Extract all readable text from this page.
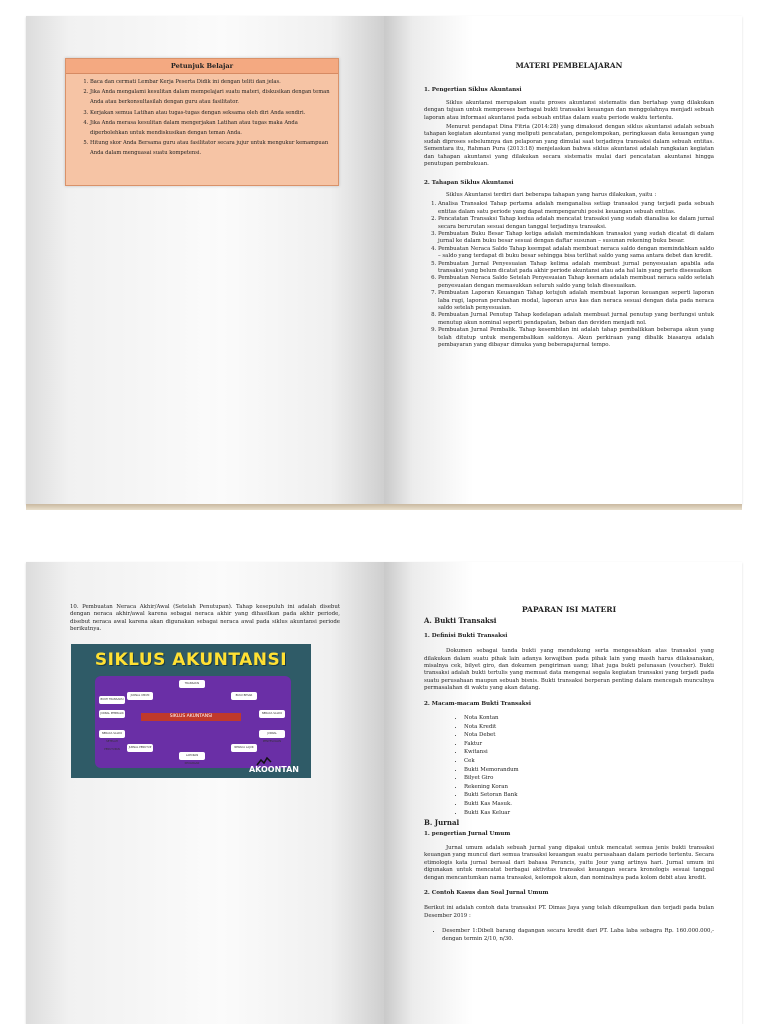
Petunjuk Belajar
1. Baca dan cermati Lembar Kerja Peserta Didik ini dengan teliti dan jelas.
2. Jika Anda mengalami kesulitan dalam mempelajari suatu materi, diskusikan dengan teman Anda atau berkonsultasilah dengan guru atau fasilitator.
3. Kerjakan semua Latihan atau tugas-tugas dengan seksama oleh diri Anda sendiri.
4. Jika Anda merasa kesulitan dalam mengerjakan Latihan atau tugas maka Anda diperbolehkan untuk mendiskusikan dengan teman Anda.
5. Hitung skor Anda Bersama guru atau fasilitator secara jujur untuk mengukur kemampuan Anda dalam menguasai suatu kompetensi.
MATERI PEMBELAJARAN

1. Pengertian Siklus Akuntansi

Siklus akuntansi merupakan suatu proses akuntansi sistematis dan bertahap yang dilakukan dengan tujuan untuk memproses berbagai bukti transaksi keuangan dan menggolahnya menjadi sebuah laporan atau informasi akuntansi pada sebuah entitas dalam suatu periode waktu tertentu.

Menurut pendapat Dina Fitria (2014:28) yang dimaksud dengan siklus akuntansi adalah sebuah tahapan kegiatan akuntansi yang meliputi pencatatan, pengelompokan, peringkasan data keuangan yang sudah diproses sebelumnya dan pelaporan yang dimulai saat terjadinya transaksi dalam sebuah entitas. Sementara itu, Rahman Pura (2013:18) menjelaskan bahwa siklus akuntansi adalah rangkaian kegiatan dan tahapan akuntansi yang dilakukan secara sistematis mulai dari pencatatan akuntansi hingga penutupan pembukuan.

2. Tahapan Siklus Akuntansi

Siklus Akuntansi terdiri dari beberapa tahapan yang harus dilakukan, yaitu :

1. Analisa Transaksi Tahap pertama adalah menganalisa setiap transaksi yang terjadi pada sebuah entitas dalam satu periode yang dapat mempengaruhi posisi keuangan sebuah entitas.
2. Pencatatan Transaksi Tahap kedua adalah mencatat transaksi yang sudah dianalisa ke dalam jurnal secara berurutan sesuai dengan tanggal terjadinya transaksi.
3. Pembuatan Buku Besar Tahap ketiga adalah memindahkan transaksi yang sudah dicatat di dalam jurnal ke dalam buku besar sesuai dengan daftar susunan – susunan rekening buku besar.
4. Pembuatan Neraca Saldo Tahap keempat adalah membuat neraca saldo dengan memindahkan saldo – saldo yang terdapat di buku besar sehingga bisa terlihat saldo yang sama antara debet dan kredit.
5. Pembuatan Jurnal Penyesuaian Tahap kelima adalah membuat jurnal penyesuaian apabila ada transaksi yang belum dicatat pada akhir periode akuntansi atau ada hal lain yang perlu disesuaikan
6. Pembuatan Neraca Saldo Setelah Penyesuaian Tahap keenam adalah membuat neraca saldo setelah penyesuaian dengan memasukkan seluruh saldo yang telah disesuaikan.
7. Pembuatan Laporan Keuangan Tahap ketujuh adalah membuat laporan keuangan seperti laporan laba rugi, laporan perubahan modal, laporan arus kas dan neraca sesuai dengan data pada neraca saldo setelah penyesuaian.
8. Pembuatan Jurnal Penutup Tahap kedelapan adalah membuat jurnal penutup yang berfungsi untuk menutup akun nominal seperti pendapatan, beban dan deviden menjadi nol.
9. Pembuatan Jurnal Pembalik. Tahap kesembilan ini adalah tahap pembalikkan beberapa akun yang telah ditutup untuk mengembalikan saldonya. Akun perkiraan yang dibalik biasanya adalah pembayaran yang dibayar dimuka yang beberapajurnal tempo.
10. Pembuatan Neraca Akhir/Awal (Setelah Penutupan). Tahap kesepuluh ini adalah disebut dengan neraca akhir/awal karena sebagai neraca akhir yang dihasilkan pada akhir periode, disebut neraca awal karena akan digunakan sebagai neraca awal pada siklus akuntansi periode berikutnya.
SIKLUS AKUNTANSI
TRANSAKSI
JURNAL UMUM	BUKU BESAR
NERACA SALDO
JURNAL PENYESUAIAN
NERACA LAJUR
LAPORAN KEUANGAN
JURNAL PENUTUP
NERACA SALDO SETELAH PENUTUPAN
JURNAL PEMBALIK
BUKTI TRANSAKSI
SIKLUS AKUNTANSI
AKOONTAN
PAPARAN ISI MATERI

A. Bukti Transaksi

1. Definisi Bukti Transaksi

Dokumen sebagai tanda bukti yang mendukung serta mengesahkan atas transaksi yang dilakukan dalam suatu pihak lain adanya kewajiban pada pihak lain yang masih harus dilaksanakan, misalnya cek, bilyet giro, dan dokumen pengiriman uang; lihat juga bukti pelunasan (voucher). Bukti transaksi adalah bukti tertulis yang memuat data mengenai segala kegiatan transaksi yang terjadi pada suatu perusahaan maupun sebuah bisnis. Bukti transaksi berperan penting dalam mencegah munculnya permasalahan di waktu yang akan datang.

2. Macam-macam Bukti Transaksi

• Nota Kontan
• Nota Kredit
• Nota Debet
• Faktur
• Kwitansi
• Cek
• Bukti Memorandum
• Bilyet Giro
• Rekening Koran
• Bukti Setoran Bank
• Bukti Kas Masuk.
• Bukti Kas Keluar

B. Jurnal

1. pengertian Jurnal Umum

Jurnal umum adalah sebuah jurnal yang dipakai untuk mencatat semua jenis bukti transaksi keuangan yang muncul dari semua transaksi keuangan suatu perusahaan dalam periode tertentu. Secara etimologis kata jurnal berasal dari bahasa Perancis, yaitu Jour yang artinya hari. Jurnal umum ini digunakan untuk mencatat berbagai aktivitas transaksi keuangan secara kronologis sesuai tanggal dengan mencantumkan nama transaksi, kelompok akun, dan nominalnya pada kolom debit atau kredit.

2. Contoh Kasus dan Soal Jurnal Umum

Berikut ini adalah contoh data transaksi PT. Dimas Jaya yang telah dikumpulkan dan terjadi pada bulan Desember 2019 :

• Desember 1:Dibeli barang dagangan secara kredit dari PT. Laba laba sebagra Rp. 160.000.000,- dengan termin 2/10, n/30.
